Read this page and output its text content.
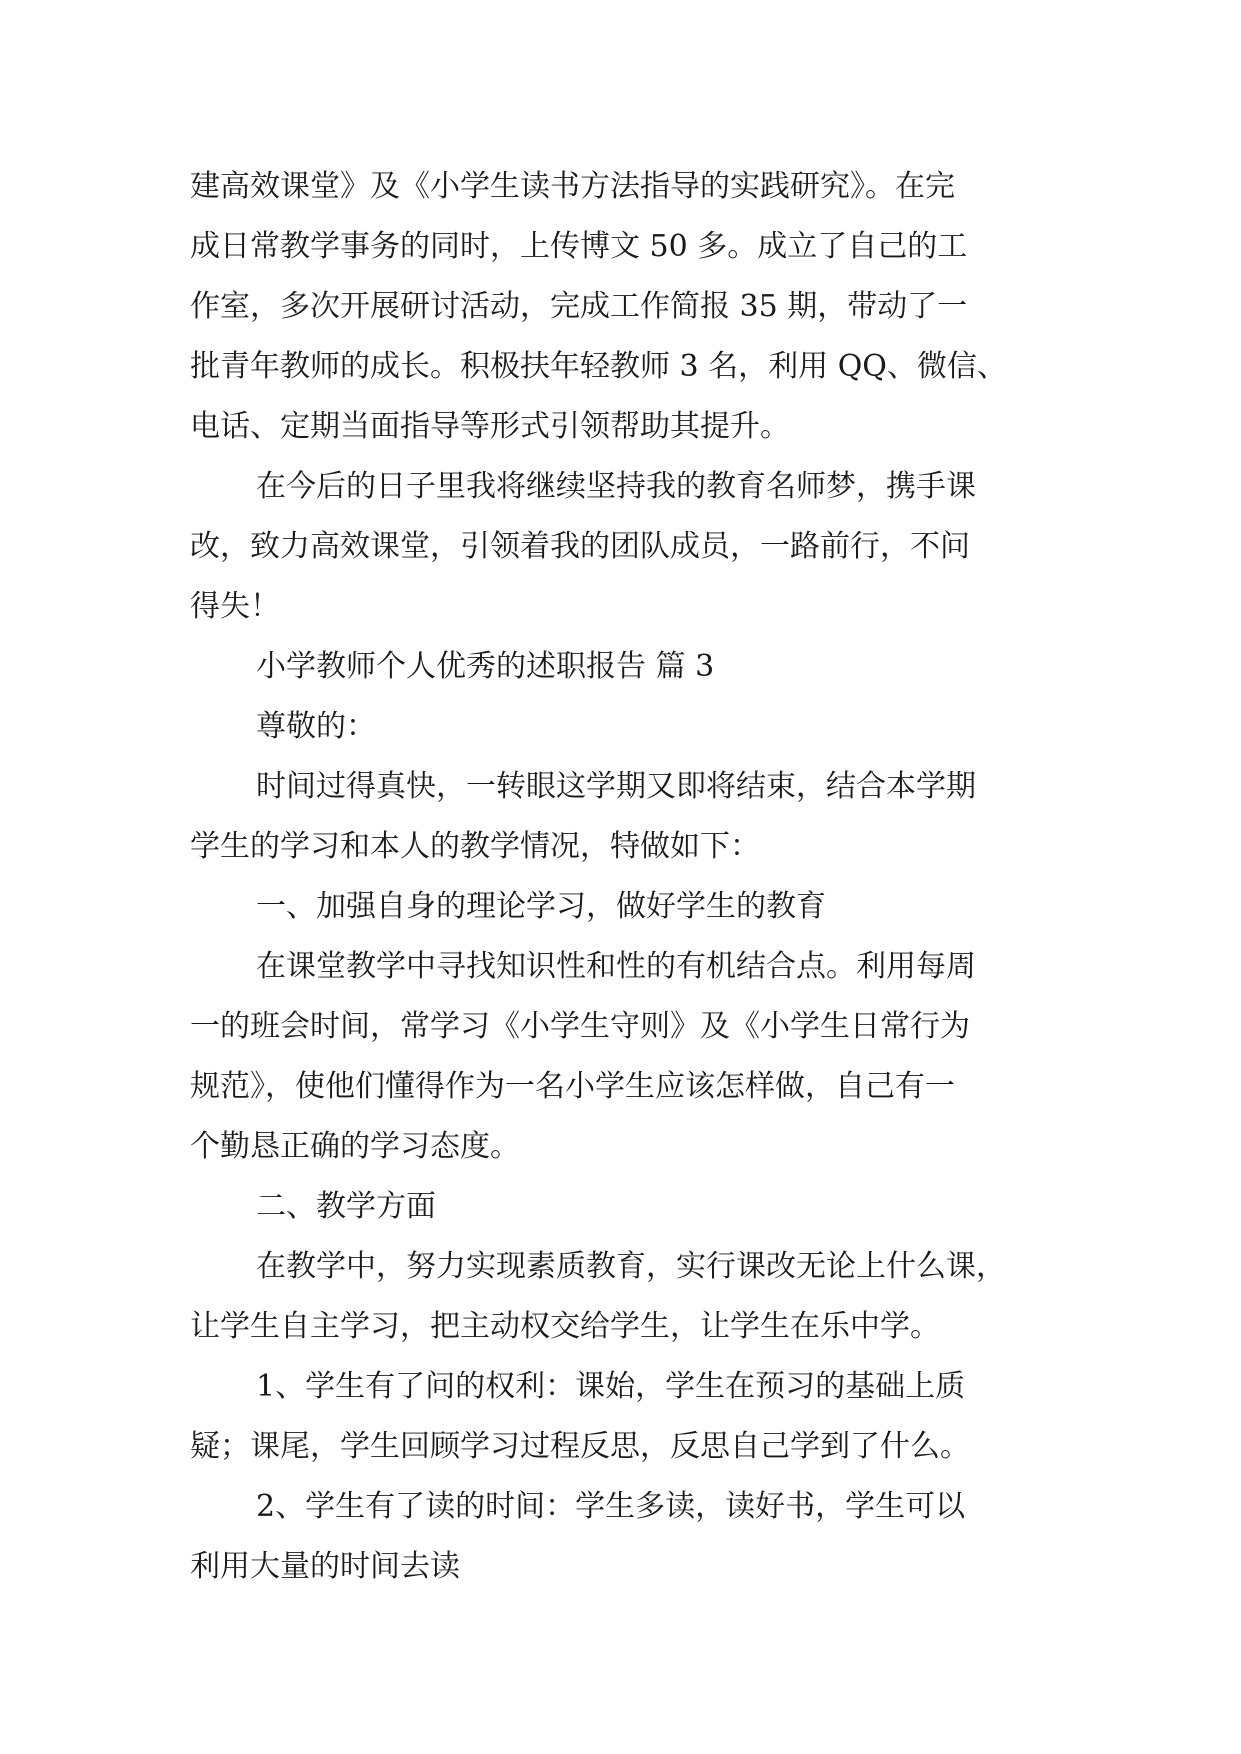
建高效课堂》及《小学生读书方法指导的实践研究》。在完

成日常教学事务的同时，上传博文 50 多。成立了自己的工

作室，多次开展研讨活动，完成工作简报 35 期，带动了一

批青年教师的成长。积极扶年轻教师 3 名，利用 QQ、微信、

电话、定期当面指导等形式引领帮助其提升。

在今后的日子里我将继续坚持我的教育名师梦，携手课

改，致力高效课堂，引领着我的团队成员，一路前行，不问

得失！

小学教师个人优秀的述职报告 篇 3

尊敬的：

时间过得真快，一转眼这学期又即将结束，结合本学期

学生的学习和本人的教学情况，特做如下：

一、加强自身的理论学习，做好学生的教育

在课堂教学中寻找知识性和性的有机结合点。利用每周

一的班会时间，常学习《小学生守则》及《小学生日常行为

规范》，使他们懂得作为一名小学生应该怎样做，自己有一

个勤恳正确的学习态度。

二、教学方面

在教学中，努力实现素质教育，实行课改无论上什么课，

让学生自主学习，把主动权交给学生，让学生在乐中学。

1、学生有了问的权利：课始，学生在预习的基础上质

疑；课尾，学生回顾学习过程反思，反思自己学到了什么。

2、学生有了读的时间：学生多读，读好书，学生可以

利用大量的时间去读
